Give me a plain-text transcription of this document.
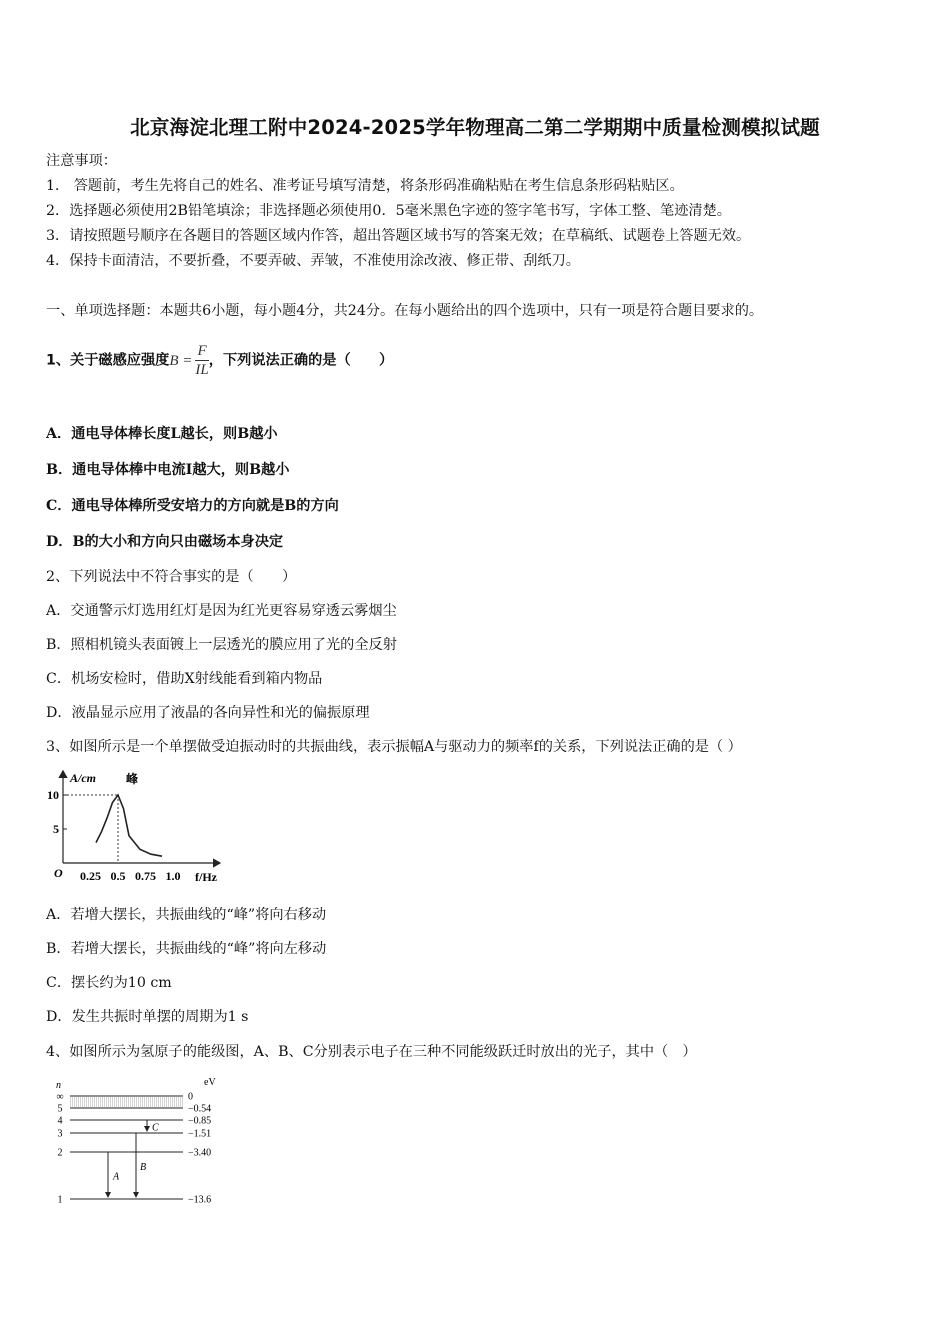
北京海淀北理工附中2024-2025学年物理高二第二学期期中质量检测模拟试题
注意事项：
1． 答题前，考生先将自己的姓名、准考证号填写清楚，将条形码准确粘贴在考生信息条形码粘贴区。
2．选择题必须使用2B铅笔填涂；非选择题必须使用0．5毫米黑色字迹的签字笔书写，字体工整、笔迹清楚。
3．请按照题号顺序在各题目的答题区域内作答，超出答题区域书写的答案无效；在草稿纸、试题卷上答题无效。
4．保持卡面清洁，不要折叠，不要弄破、弄皱，不准使用涂改液、修正带、刮纸刀。
一、单项选择题：本题共6小题，每小题4分，共24分。在每小题给出的四个选项中，只有一项是符合题目要求的。
1、关于磁感应强度$B = \frac{F}{IL}$ ，下列说法正确的是（　　）
A．通电导体棒长度L越长，则B越小
B．通电导体棒中电流I越大，则B越小
C．通电导体棒所受安培力的方向就是B的方向
D．B的大小和方向只由磁场本身决定
2、下列说法中不符合事实的是（　　）
A．交通警示灯选用红灯是因为红光更容易穿透云雾烟尘
B．照相机镜头表面镀上一层透光的膜应用了光的全反射
C．机场安检时，借助X射线能看到箱内物品
D．液晶显示应用了液晶的各向异性和光的偏振原理
3、如图所示是一个单摆做受迫振动时的共振曲线，表示振幅A与驱动力的频率f的关系，下列说法正确的是（ ）
10
5
0.25 0.5 0.75 1.0
A/cm
f/Hz
O
峰
A．若增大摆长，共振曲线的“峰”将向右移动
B．若增大摆长，共振曲线的“峰”将向左移动
C．摆长约为10 cm
D．发生共振时单摆的周期为1 s
4、如图所示为氢原子的能级图，A、B、C分别表示电子在三种不同能级跃迁时放出的光子，其中（　）
n	eV
∞	0
5	−0.54
4	−0.85
3	−1.51
2	−3.40
1	−13.6
A
B
C
